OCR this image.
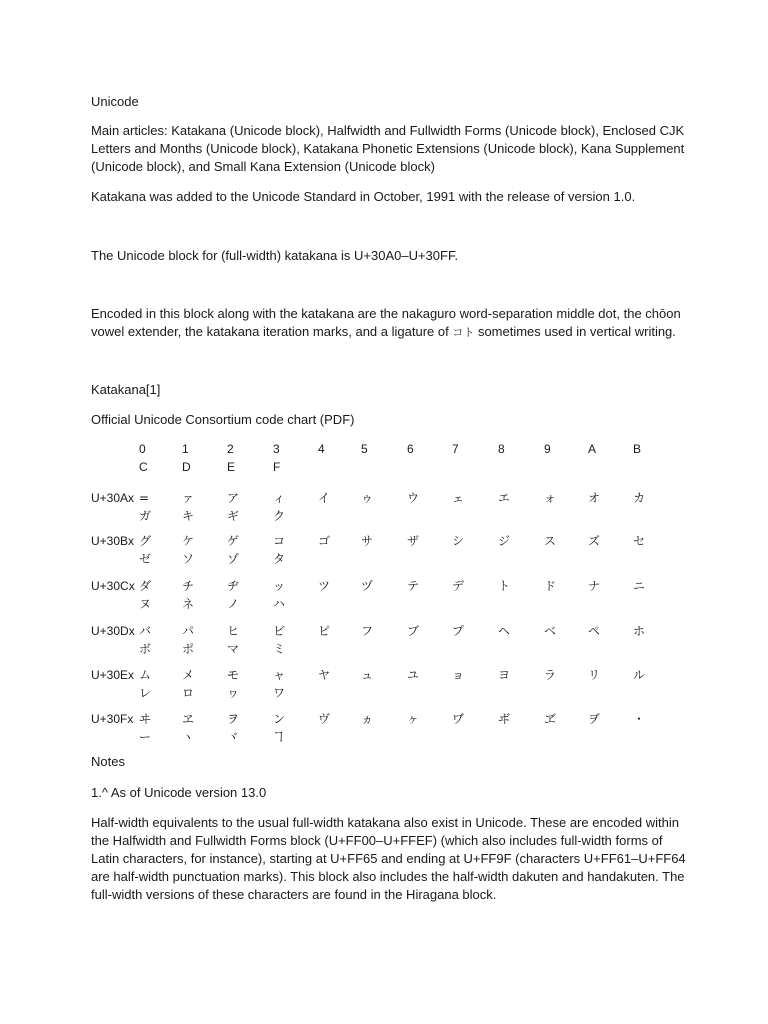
Unicode
Main articles: Katakana (Unicode block), Halfwidth and Fullwidth Forms (Unicode block), Enclosed CJK Letters and Months (Unicode block), Katakana Phonetic Extensions (Unicode block), Kana Supplement (Unicode block), and Small Kana Extension (Unicode block)
Katakana was added to the Unicode Standard in October, 1991 with the release of version 1.0.
The Unicode block for (full-width) katakana is U+30A0–U+30FF.
Encoded in this block along with the katakana are the nakaguro word-separation middle dot, the chōon vowel extender, the katakana iteration marks, and a ligature of コト sometimes used in vertical writing.
Katakana[1]
Official Unicode Consortium code chart (PDF)
0	1	2	3	4	5	6	7	8	9	A	B
C	D	E	F
U+30Ax =	ァ	ア	ィ	イ	ゥ	ウ	ェ	エ	ォ	オ	カ
ガ	キ	ギ	ク
U+30Bx グ	ケ	ゲ	コ	ゴ	サ	ザ	シ	ジ	ス	ズ	セ
ゼ	ソ	ゾ	タ
U+30Cx ダ	チ	ヂ	ッ	ツ	ヅ	テ	デ	ト	ド	ナ	ニ
ヌ	ネ	ノ	ハ
U+30Dx バ	パ	ヒ	ビ	ピ	フ	ブ	プ	ヘ	ベ	ペ	ホ
ボ	ポ	マ	ミ
U+30Ex ム	メ	モ	ャ	ヤ	ュ	ユ	ョ	ヨ	ラ	リ	ル
レ	ロ	ヮ	ワ
U+30Fx ヰ	ヱ	ヲ	ン	ヴ	ヵ	ヶ	ヷ	ヸ	ヹ	ヺ	・
ー	ヽ	ヾ	ヿ
Notes
1.^ As of Unicode version 13.0
Half-width equivalents to the usual full-width katakana also exist in Unicode. These are encoded within the Halfwidth and Fullwidth Forms block (U+FF00–U+FFEF) (which also includes full-width forms of Latin characters, for instance), starting at U+FF65 and ending at U+FF9F (characters U+FF61–U+FF64 are half-width punctuation marks). This block also includes the half-width dakuten and handakuten. The full-width versions of these characters are found in the Hiragana block.
